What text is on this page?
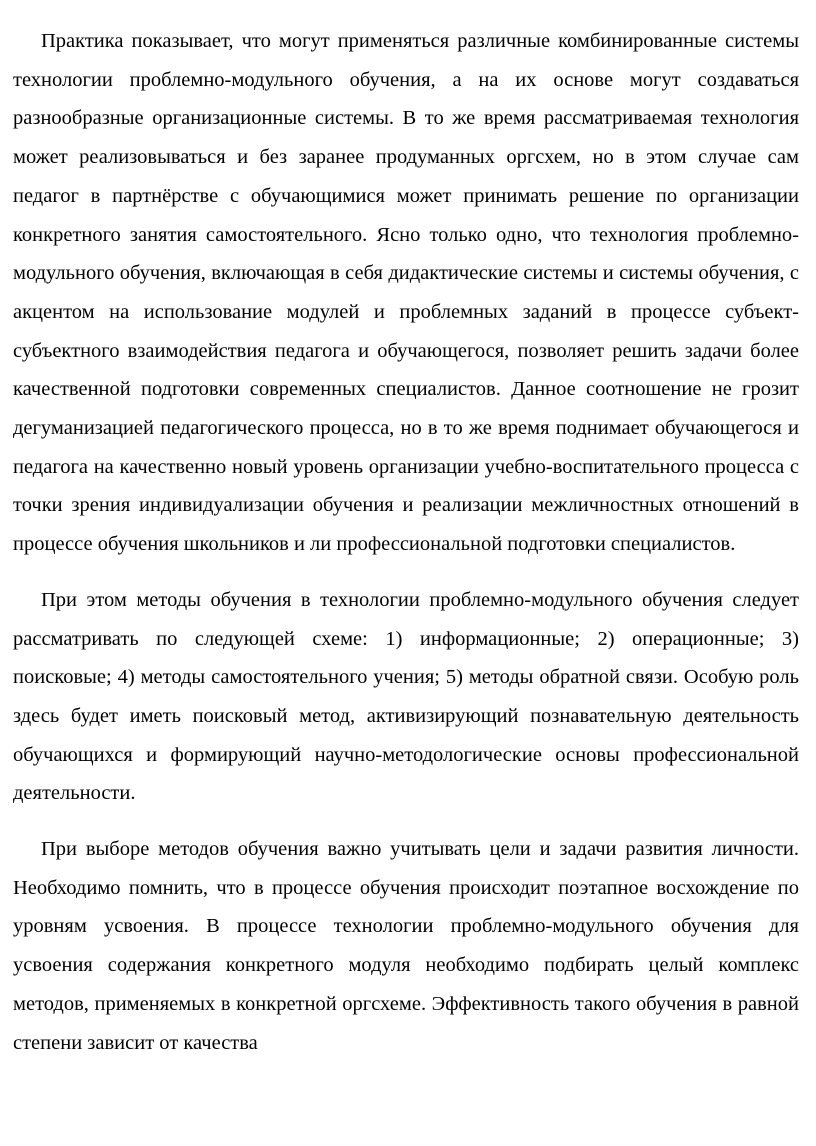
Практика показывает, что могут применяться различные комбинированные системы технологии проблемно-модульного обучения, а на их основе могут создаваться разнообразные организационные системы. В то же время рассматриваемая технология может реализовываться и без заранее продуманных оргсхем, но в этом случае сам педагог в партнёрстве с обучающимися может принимать решение по организации конкретного занятия самостоятельного. Ясно только одно, что технология проблемно- модульного обучения, включающая в себя дидактические системы и системы обучения, с акцентом на использование модулей и проблемных заданий в процессе субъект-субъектного взаимодействия педагога и обучающегося, позволяет решить задачи более качественной подготовки современных специалистов. Данное соотношение не грозит дегуманизацией педагогического процесса, но в то же время поднимает обучающегося и педагога на качественно новый уровень организации учебно-воспитательного процесса с точки зрения индивидуализации обучения и реализации межличностных отношений в процессе обучения школьников и ли профессиональной подготовки специалистов.

При этом методы обучения в технологии проблемно-модульного обучения следует рассматривать по следующей схеме: 1) информационные; 2) операционные; 3) поисковые; 4) методы самостоятельного учения; 5) методы обратной связи. Особую роль здесь будет иметь поисковый метод, активизирующий познавательную деятельность обучающихся и формирующий научно-методологические основы профессиональной деятельности.

При выборе методов обучения важно учитывать цели и задачи развития личности. Необходимо помнить, что в процессе обучения происходит поэтапное восхождение по уровням усвоения. В процессе технологии проблемно-модульного обучения для усвоения содержания конкретного модуля необходимо подбирать целый комплекс методов, применяемых в конкретной оргсхеме. Эффективность такого обучения в равной степени зависит от качества
